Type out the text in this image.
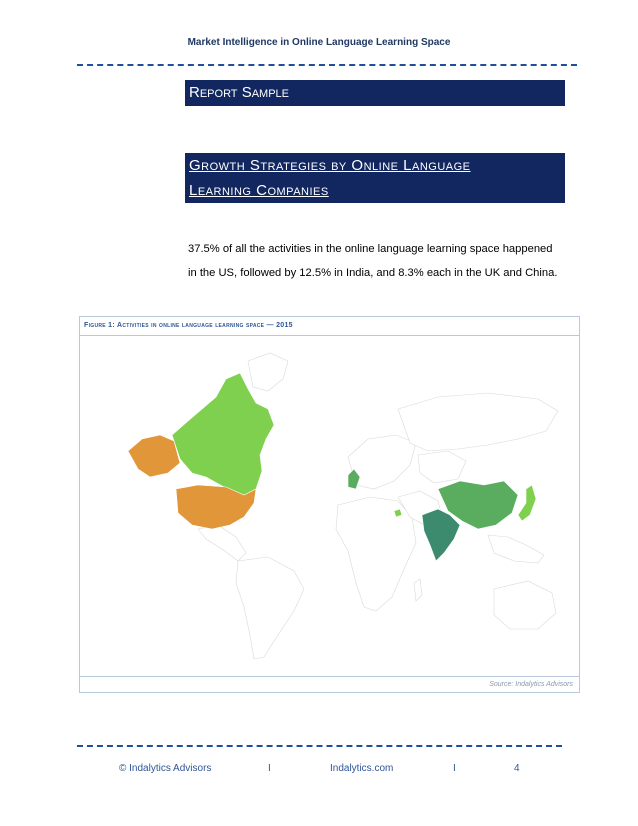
Market Intelligence in Online Language Learning Space
Report Sample
Growth Strategies by Online Language
Learning Companies
37.5% of all the activities in the online language learning space happened
in the US, followed by 12.5% in India, and 8.3% each in the UK and China.
Figure 1: Activities in online language learning space — 2015
Source: Indalytics Advisors
© Indalytics Advisors	I	Indalytics.com	I	4
